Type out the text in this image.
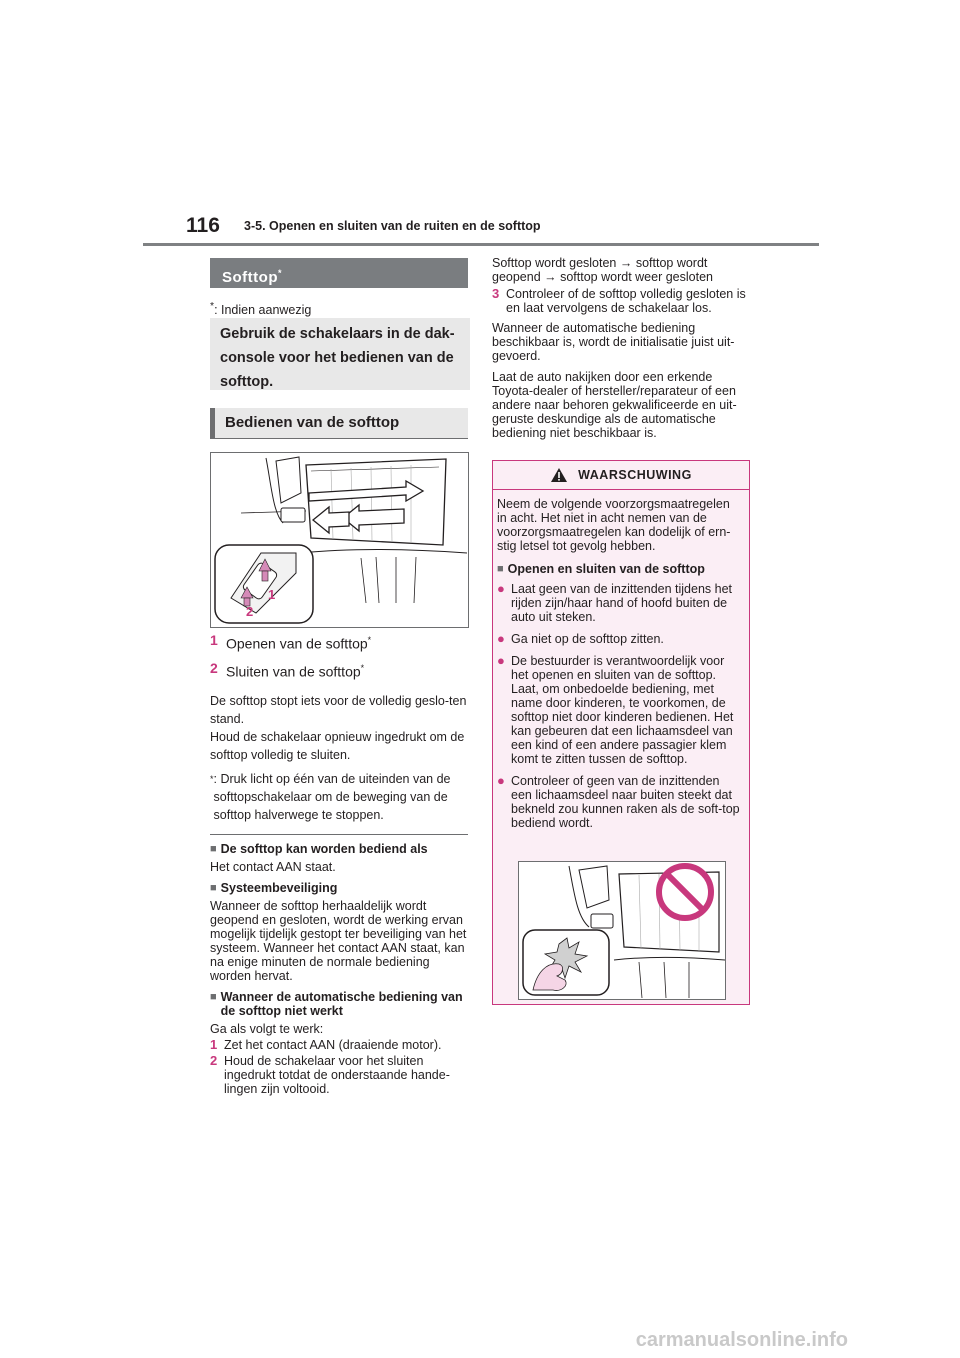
116 3-5. Openen en sluiten van de ruiten en de softtop
Softtop*
*: Indien aanwezig
Gebruik de schakelaars in de dak-console voor het bedienen van de softtop.
Bedienen van de softtop
1
2
1 Openen van de softtop*
2 Sluiten van de softtop*

De softtop stopt iets voor de volledig geslo-ten stand.

Houd de schakelaar opnieuw ingedrukt om de softtop volledig te sluiten.

* : Druk licht op één van de uiteinden van de softtopschakelaar om de beweging van de softtop halverwege te stoppen.
■ De softtop kan worden bediend als

Het contact AAN staat.

■ Systeembeveiliging

Wanneer de softtop herhaaldelijk wordt geopend en gesloten, wordt de werking ervan mogelijk tijdelijk gestopt ter beveiliging van het systeem. Wanneer het contact AAN staat, kan na enige minuten de normale bediening worden hervat.

■ Wanneer de automatische bediening van de softtop niet werkt

Ga als volgt te werk:

1 Zet het contact AAN (draaiende motor).
2 Houd de schakelaar voor het sluiten ingedrukt totdat de onderstaande hande-lingen zijn voltooid.

Softtop wordt gesloten → softtop wordt geopend → softtop wordt weer gesloten

3 Controleer of de softtop volledig gesloten is en laat vervolgens de schakelaar los.

Wanneer de automatische bediening beschikbaar is, wordt de initialisatie juist uit-gevoerd.

Laat de auto nakijken door een erkende Toyota-dealer of hersteller/reparateur of een andere naar behoren gekwalificeerde en uit-geruste deskundige als de automatische bediening niet beschikbaar is.

WAARSCHUWING

Neem de volgende voorzorgsmaatregelen in acht. Het niet in acht nemen van de voorzorgsmaatregelen kan dodelijk of ern-stig letsel tot gevolg hebben.

■ Openen en sluiten van de softtop
● Laat geen van de inzittenden tijdens het rijden zijn/haar hand of hoofd buiten de auto uit steken.
● Ga niet op de softtop zitten.
● De bestuurder is verantwoordelijk voor het openen en sluiten van de softtop. Laat, om onbedoelde bediening, met name door kinderen, te voorkomen, de softtop niet door kinderen bedienen. Het kan gebeuren dat een lichaamsdeel van een kind of een andere passagier klem komt te zitten tussen de softtop.
● Controleer of geen van de inzittenden een lichaamsdeel naar buiten steekt dat bekneld zou kunnen raken als de soft-top bediend wordt.
carmanualsonline.info
